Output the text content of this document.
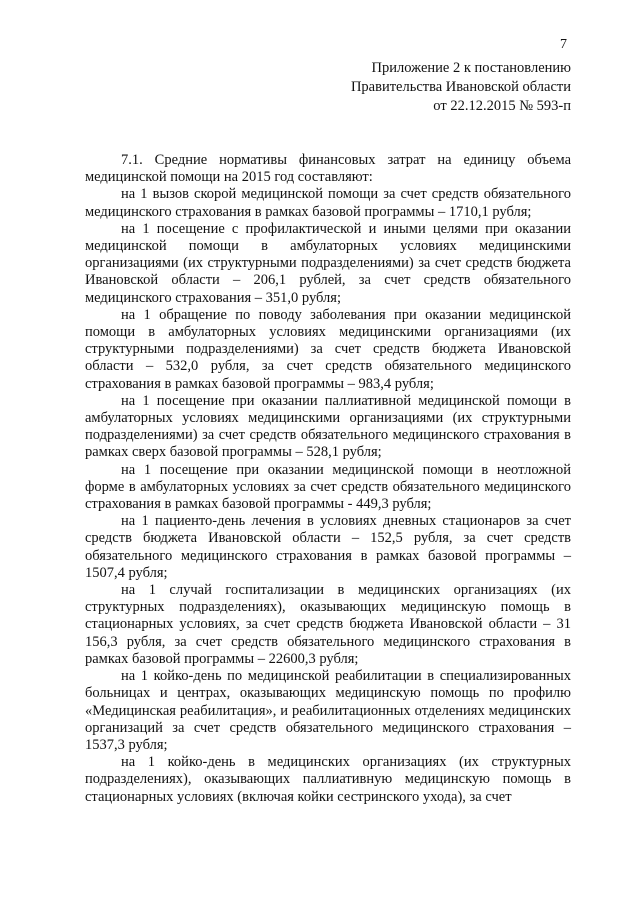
7
Приложение 2 к постановлению
Правительства Ивановской области
от 22.12.2015 № 593-п

7.1. Средние нормативы финансовых затрат на единицу объема медицинской помощи на 2015 год составляют:

на 1 вызов скорой медицинской помощи за счет средств обязательного медицинского страхования в рамках базовой программы – 1710,1 рубля;

на 1 посещение с профилактической и иными целями при оказании медицинской помощи в амбулаторных условиях медицинскими организациями (их структурными подразделениями) за счет средств бюджета Ивановской области – 206,1 рублей, за счет средств обязательного медицинского страхования – 351,0 рубля;

на 1 обращение по поводу заболевания при оказании медицинской помощи в амбулаторных условиях медицинскими организациями (их структурными подразделениями) за счет средств бюджета Ивановской области – 532,0 рубля, за счет средств обязательного медицинского страхования в рамках базовой программы – 983,4 рубля;

на 1 посещение при оказании паллиативной медицинской помощи в амбулаторных условиях медицинскими организациями (их структурными подразделениями) за счет средств обязательного медицинского страхования в рамках сверх базовой программы – 528,1 рубля;

на 1 посещение при оказании медицинской помощи в неотложной форме в амбулаторных условиях за счет средств обязательного медицинского страхования в рамках базовой программы - 449,3 рубля;

на 1 пациенто-день лечения в условиях дневных стационаров за счет средств бюджета Ивановской области – 152,5 рубля, за счет средств обязательного медицинского страхования в рамках базовой программы – 1507,4 рубля;

на 1 случай госпитализации в медицинских организациях (их структурных подразделениях), оказывающих медицинскую помощь в стационарных условиях, за счет средств бюджета Ивановской области – 31 156,3 рубля, за счет средств обязательного медицинского страхования в рамках базовой программы – 22600,3 рубля;

на 1 койко-день по медицинской реабилитации в специализированных больницах и центрах, оказывающих медицинскую помощь по профилю «Медицинская реабилитация», и реабилитационных отделениях медицинских организаций за счет средств обязательного медицинского страхования – 1537,3 рубля;

на 1 койко-день в медицинских организациях (их структурных подразделениях), оказывающих паллиативную медицинскую помощь в стационарных условиях (включая койки сестринского ухода), за счет
